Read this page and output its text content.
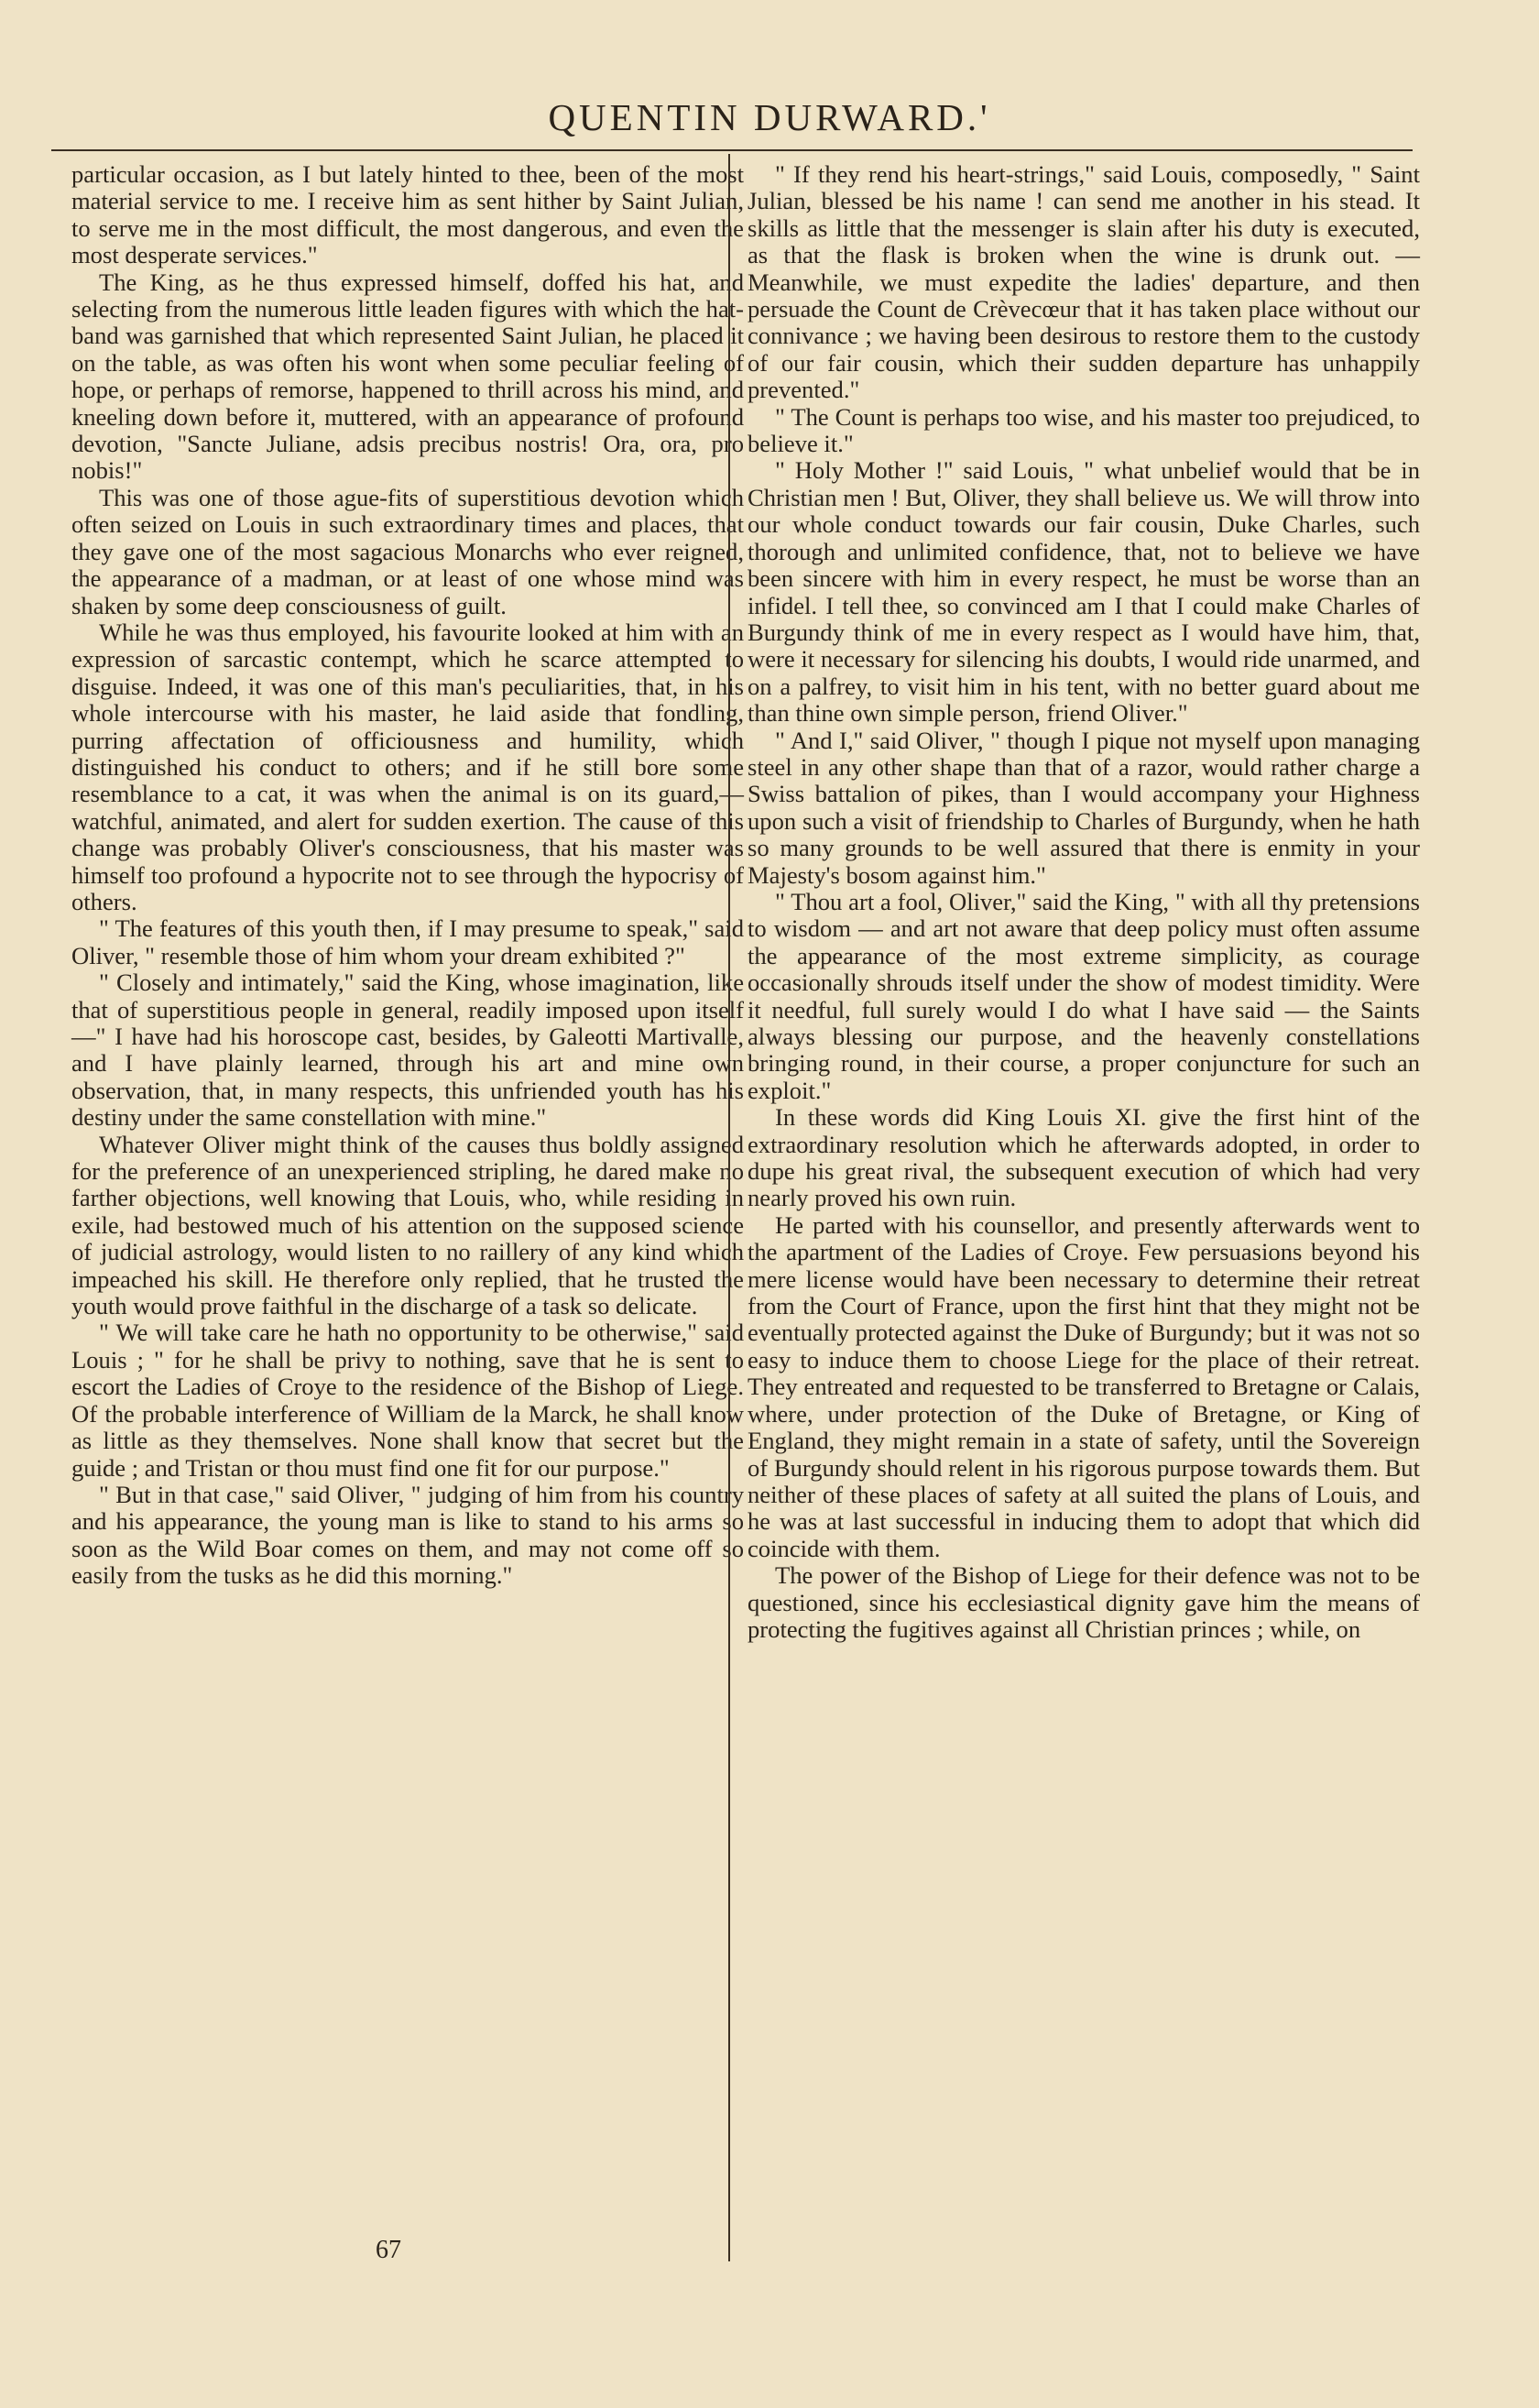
QUENTIN DURWARD.'

particular occasion, as I but lately hinted to thee, been of the most material service to me. I receive him as sent hither by Saint Julian, to serve me in the most difficult, the most dangerous, and even the most desperate services."

The King, as he thus expressed himself, doffed his hat, and selecting from the numerous little leaden figures with which the hat-band was garnished that which represented Saint Julian, he placed it on the table, as was often his wont when some peculiar feeling of hope, or perhaps of remorse, happened to thrill across his mind, and kneeling down before it, muttered, with an appearance of profound devotion, "Sancte Juliane, adsis precibus nostris! Ora, ora, pro nobis!"

This was one of those ague-fits of superstitious devotion which often seized on Louis in such extraordinary times and places, that they gave one of the most sagacious Monarchs who ever reigned, the appearance of a madman, or at least of one whose mind was shaken by some deep consciousness of guilt.

While he was thus employed, his favourite looked at him with an expression of sarcastic contempt, which he scarce attempted to disguise. Indeed, it was one of this man's peculiarities, that, in his whole intercourse with his master, he laid aside that fondling, purring affectation of officiousness and humility, which distinguished his conduct to others; and if he still bore some resemblance to a cat, it was when the animal is on its guard,—watchful, animated, and alert for sudden exertion. The cause of this change was probably Oliver's consciousness, that his master was himself too profound a hypocrite not to see through the hypocrisy of others.

" The features of this youth then, if I may presume to speak," said Oliver, " resemble those of him whom your dream exhibited ?"

" Closely and intimately," said the King, whose imagination, like that of superstitious people in general, readily imposed upon itself—" I have had his horoscope cast, besides, by Galeotti Martivalle, and I have plainly learned, through his art and mine own observation, that, in many respects, this unfriended youth has his destiny under the same constellation with mine."

Whatever Oliver might think of the causes thus boldly assigned for the preference of an unexperienced stripling, he dared make no farther objections, well knowing that Louis, who, while residing in exile, had bestowed much of his attention on the supposed science of judicial astrology, would listen to no raillery of any kind which impeached his skill. He therefore only replied, that he trusted the youth would prove faithful in the discharge of a task so delicate.

" We will take care he hath no opportunity to be otherwise," said Louis ; " for he shall be privy to nothing, save that he is sent to escort the Ladies of Croye to the residence of the Bishop of Liege. Of the probable interference of William de la Marck, he shall know as little as they themselves. None shall know that secret but the guide ; and Tristan or thou must find one fit for our purpose."

" But in that case," said Oliver, " judging of him from his country and his appearance, the young man is like to stand to his arms so soon as the Wild Boar comes on them, and may not come off so easily from the tusks as he did this morning."

" If they rend his heart-strings," said Louis, composedly, " Saint Julian, blessed be his name ! can send me another in his stead. It skills as little that the messenger is slain after his duty is executed, as that the flask is broken when the wine is drunk out. — Meanwhile, we must expedite the ladies' departure, and then persuade the Count de Crèvecœur that it has taken place without our connivance ; we having been desirous to restore them to the custody of our fair cousin, which their sudden departure has unhappily prevented."

" The Count is perhaps too wise, and his master too prejudiced, to believe it."

" Holy Mother !" said Louis, " what unbelief would that be in Christian men ! But, Oliver, they shall believe us. We will throw into our whole conduct towards our fair cousin, Duke Charles, such thorough and unlimited confidence, that, not to believe we have been sincere with him in every respect, he must be worse than an infidel. I tell thee, so convinced am I that I could make Charles of Burgundy think of me in every respect as I would have him, that, were it necessary for silencing his doubts, I would ride unarmed, and on a palfrey, to visit him in his tent, with no better guard about me than thine own simple person, friend Oliver."

" And I," said Oliver, " though I pique not myself upon managing steel in any other shape than that of a razor, would rather charge a Swiss battalion of pikes, than I would accompany your Highness upon such a visit of friendship to Charles of Burgundy, when he hath so many grounds to be well assured that there is enmity in your Majesty's bosom against him."

" Thou art a fool, Oliver," said the King, " with all thy pretensions to wisdom — and art not aware that deep policy must often assume the appearance of the most extreme simplicity, as courage occasionally shrouds itself under the show of modest timidity. Were it needful, full surely would I do what I have said — the Saints always blessing our purpose, and the heavenly constellations bringing round, in their course, a proper conjuncture for such an exploit."

In these words did King Louis XI. give the first hint of the extraordinary resolution which he afterwards adopted, in order to dupe his great rival, the subsequent execution of which had very nearly proved his own ruin.

He parted with his counsellor, and presently afterwards went to the apartment of the Ladies of Croye. Few persuasions beyond his mere license would have been necessary to determine their retreat from the Court of France, upon the first hint that they might not be eventually protected against the Duke of Burgundy; but it was not so easy to induce them to choose Liege for the place of their retreat. They entreated and requested to be transferred to Bretagne or Calais, where, under protection of the Duke of Bretagne, or King of England, they might remain in a state of safety, until the Sovereign of Burgundy should relent in his rigorous purpose towards them. But neither of these places of safety at all suited the plans of Louis, and he was at last successful in inducing them to adopt that which did coincide with them.

The power of the Bishop of Liege for their defence was not to be questioned, since his ecclesiastical dignity gave him the means of protecting the fugitives against all Christian princes ; while, on

67
